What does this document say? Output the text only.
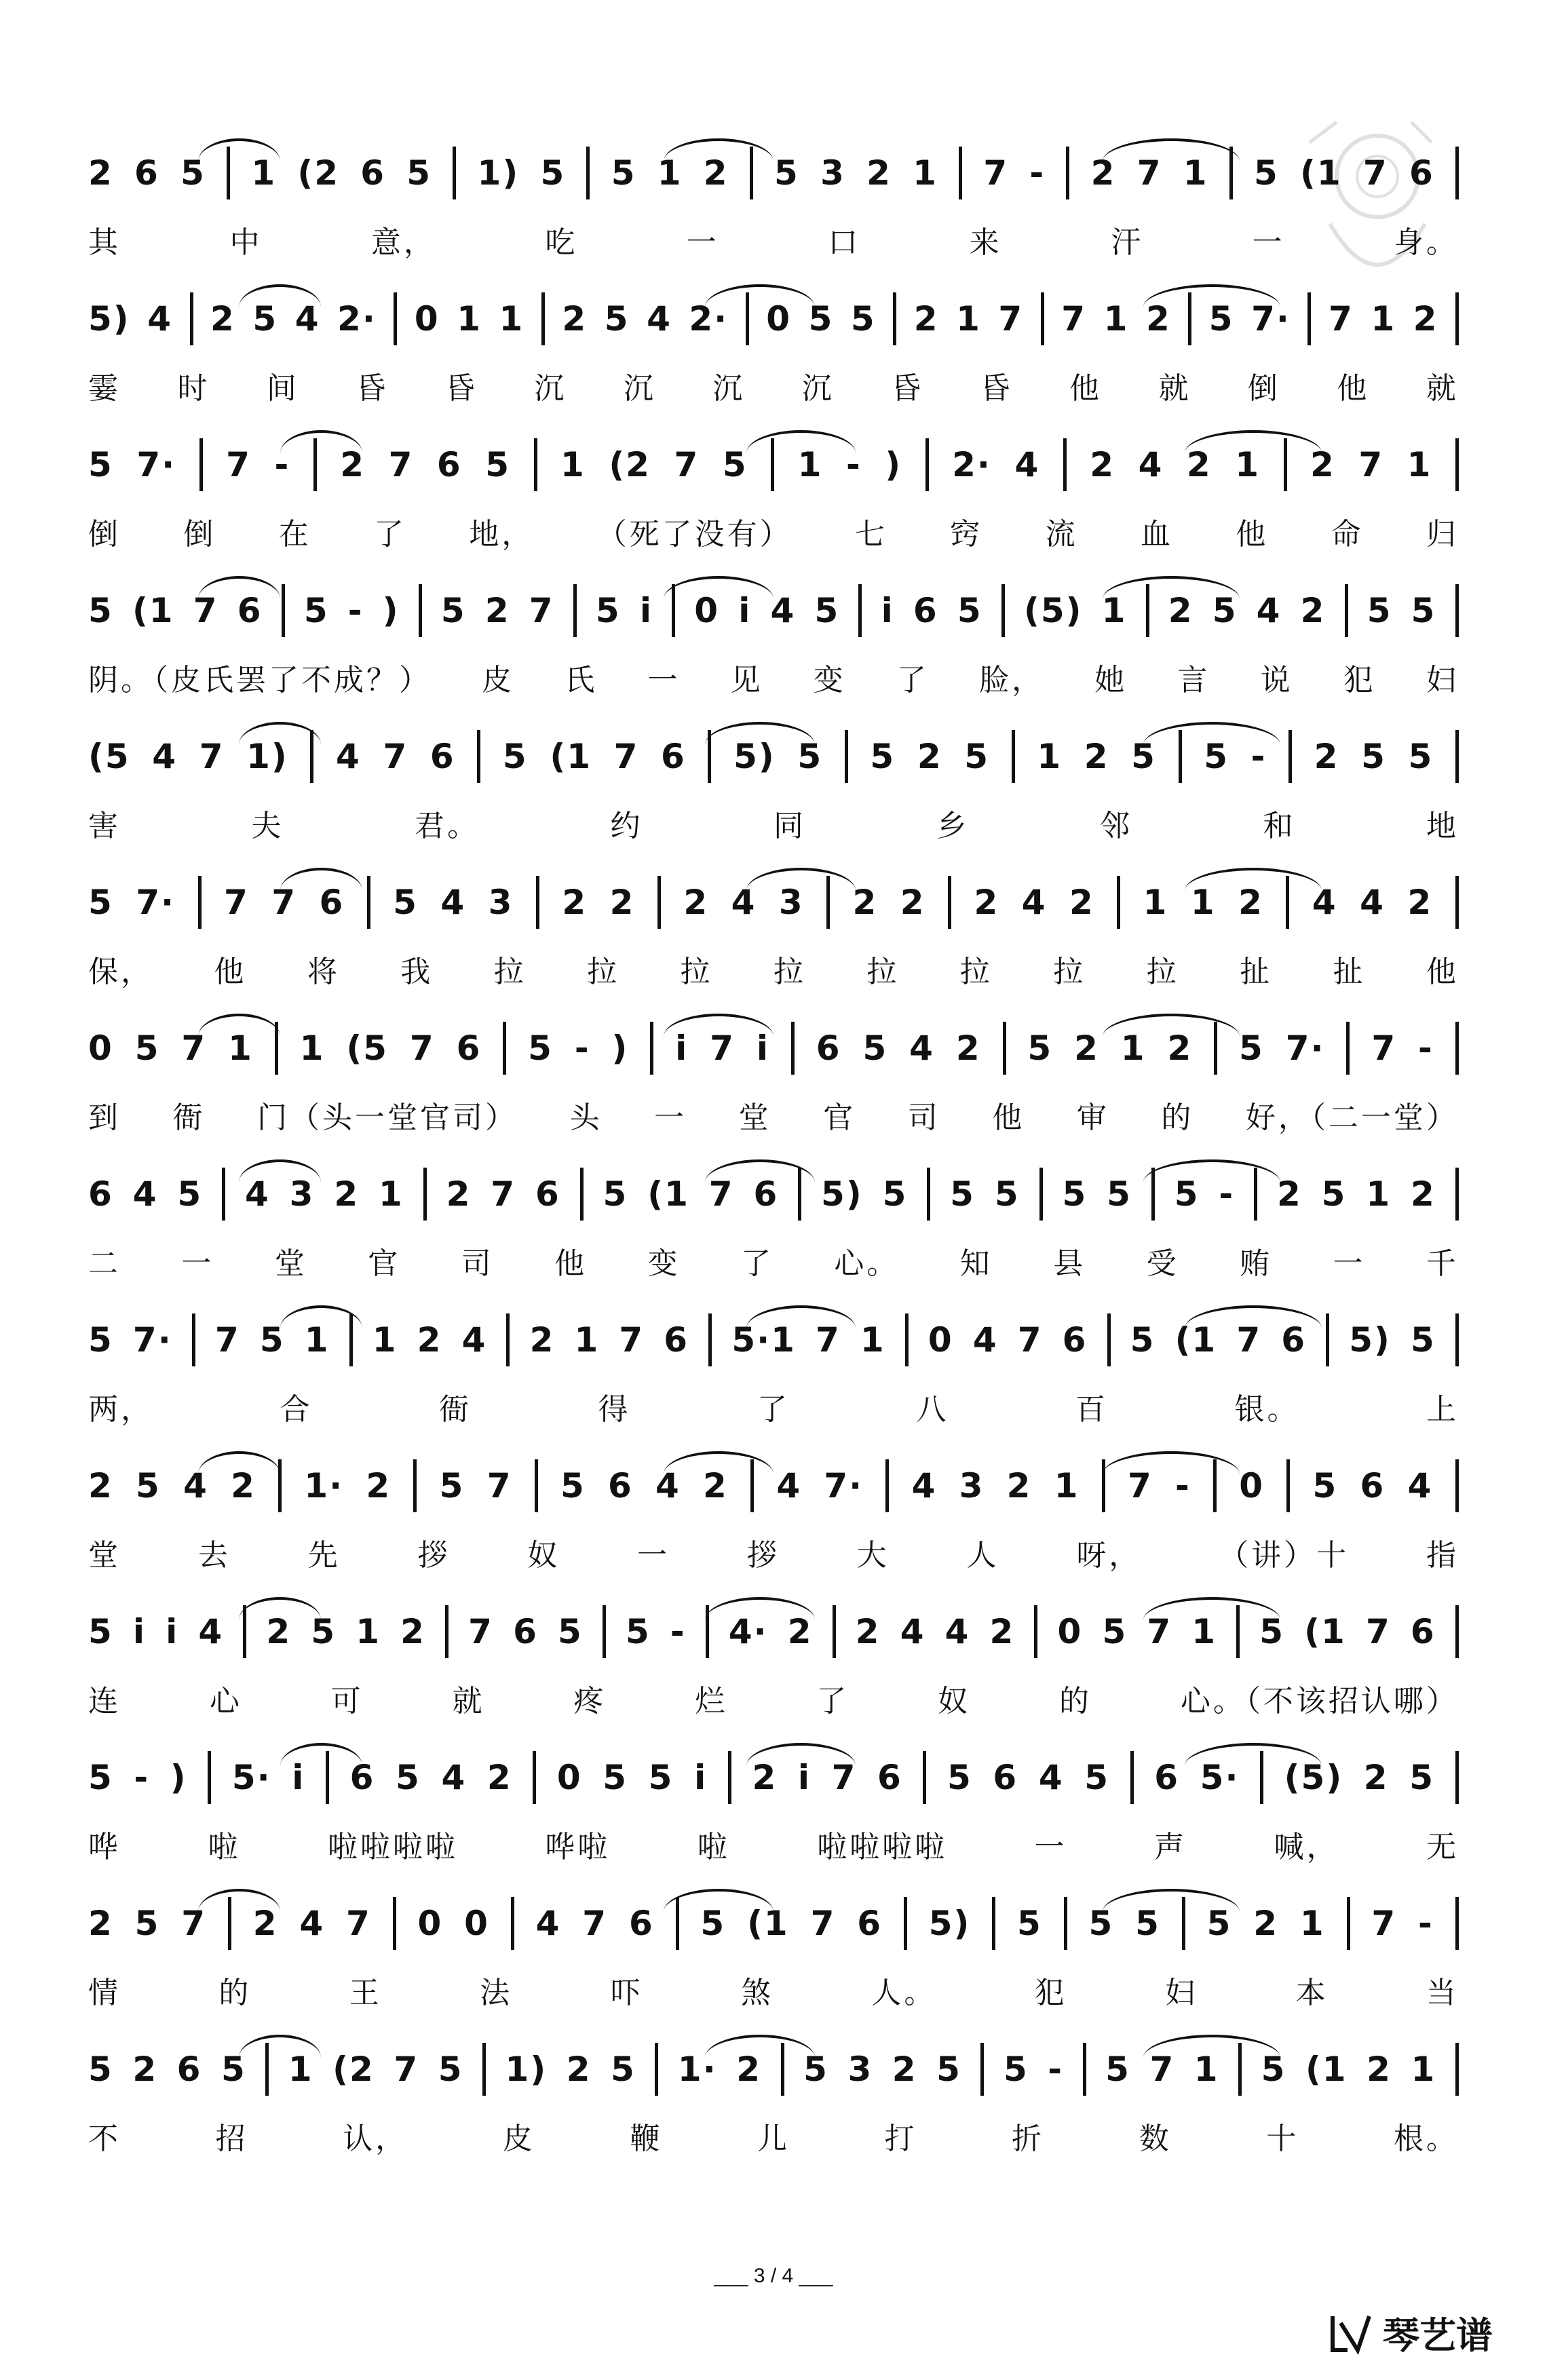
2 6 5 1 (2 6 5 1) 5 5 1 2 5 3 2 1 7 - 2 7 1 5 (1 7 6
其	中	意，	吃	一	口	来	汗	一	身。
5) 4 2 5 4 2· 0 1 1 2 5 4 2· 0 5 5 2 1 7 7 1 2 5 7· 7 1 2
霎 时 间 昏 昏 沉 沉 沉 沉 昏 昏 他 就 倒 他 就
5 7· 7 - 2 7 6 5 1 (2 7 5 1 - ) 2· 4 2 4 2 1 2 7 1
倒 倒 在 了 地， （死了没有） 七 窍 流 血 他 命 归
5 (1 7 6 5 - ) 5 2 7 5 i 0 i 4 5 i 6 5 (5) 1 2 5 4 2 5 5
阴。（皮氏罢了不成？） 皮 氏 一 见 变 了 脸， 她 言 说 犯 妇
(5 4 7 1) 4 7 6 5 (1 7 6 5) 5 5 2 5 1 2 5 5 - 2 5 5
害	夫	君。	约	同	乡	邻	和	地
5 7· 7 7 6 5 4 3 2 2 2 4 3 2 2 2 4 2 1 1 2 4 4 2
保， 他 将 我 拉 拉 拉 拉 拉 拉 拉 拉 扯 扯 他
0 5 7 1 1 (5 7 6 5 - ) i 7 i 6 5 4 2 5 2 1 2 5 7· 7 -
到 衙 门（头一堂官司） 头 一 堂 官 司 他 审 的 好，（二一堂）
6 4 5 4 3 2 1 2 7 6 5 (1 7 6 5) 5 5 5 5 5 5 - 2 5 1 2
二 一 堂 官 司 他 变 了 心。 知 县 受 贿 一 千
5 7· 7 5 1 1 2 4 2 1 7 6 5·1 7 1 0 4 7 6 5 (1 7 6 5) 5
两，	合	衙	得	了	八	百	银。	上
2 5 4 2 1· 2 5 7 5 6 4 2 4 7· 4 3 2 1 7 - 0 5 6 4
堂	去	先	拶	奴	一	拶	大	人	呀，	（讲）十	指
5 i i 4 2 5 1 2 7 6 5 5 - 4· 2 2 4 4 2 0 5 7 1 5 (1 7 6
连	心	可	就	疼	烂	了	奴	的	心。（不该招认哪）
5 - ) 5· i 6 5 4 2 0 5 5 i 2 i 7 6 5 6 4 5 6 5· (5) 2 5
哗	啦	啦啦啦啦	哗啦	啦	啦啦啦啦	一	声	喊，	无
2 5 7 2 4 7 0 0 4 7 6 5 (1 7 6 5) 5 5 5 5 2 1 7 -
情	的	王	法	吓	煞	人。	犯	妇	本	当
5 2 6 5 1 (2 7 5 1) 2 5 1· 2 5 3 2 5 5 - 5 7 1 5 (1 2 1
不	招	认，	皮	鞭	儿	打	折	数	十	根。
___ 3 / 4 ___
琴艺谱
